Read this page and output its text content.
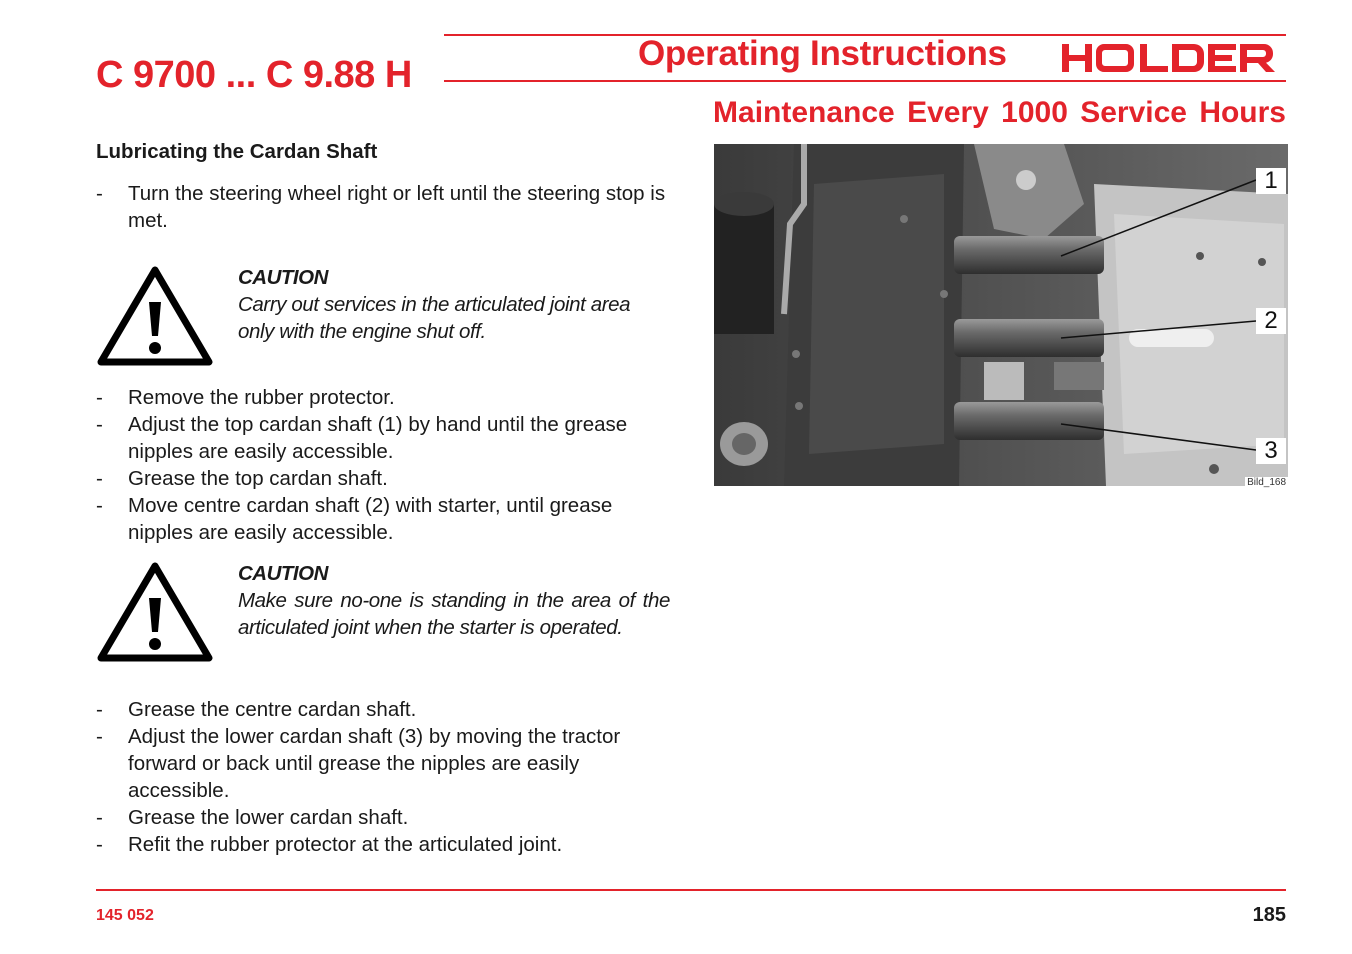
C 9700 ... C 9.88 H
Operating Instructions
Maintenance Every 1000 Service Hours
Lubricating the Cardan Shaft
- Turn the steering wheel right or left until the steering stop is met.
CAUTION
Carry out services in the articulated joint area only with the engine shut off.
- Remove the rubber protector.
- Adjust the top cardan shaft (1) by hand until the grease nipples are easily accessible.
- Grease the top cardan shaft.
- Move centre cardan shaft (2) with starter, until grease nipples are easily accessible.
CAUTION
Make sure no-one is standing in the area of the articulated joint when the starter is operated.
- Grease the centre cardan shaft.
- Adjust the lower cardan shaft (3) by moving the tractor forward or back until grease the nipples are easily accessible.
- Grease the lower cardan shaft.
- Refit the rubber protector at the articulated joint.
1
2
3
Bild_168
145 052	185
